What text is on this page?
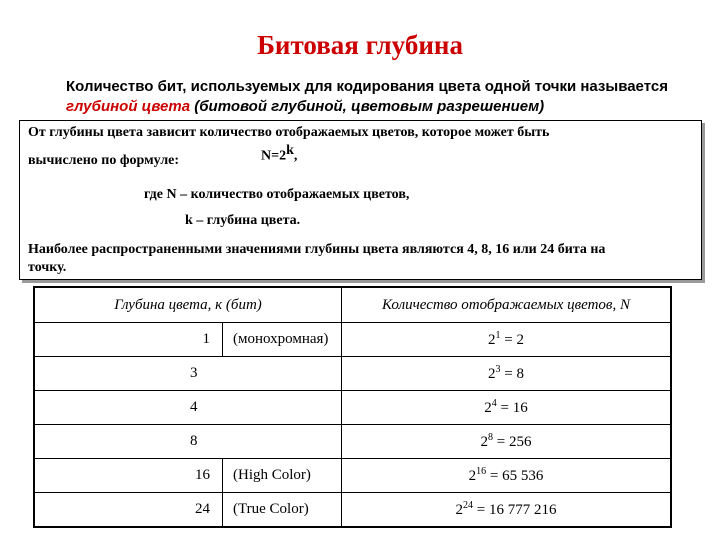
Битовая глубина
Количество бит, используемых для кодирования цвета одной точки называется глубиной цвета (битовой глубиной, цветовым разрешением)
От глубины цвета зависит количество отображаемых цветов, которое может быть
вычислено по формуле:	$N=2^k$,
где N – количество отображаемых цветов,
k – глубина цвета.
Наиболее распространенными значениями глубины цвета являются 4, 8, 16 или 24 бита на
точку.
Глубина цвета, к (бит)		Количество отображаемых цветов, N
1	(монохромная)	$2^1 = 2$
3		$2^3 = 8$
4		$2^4 = 16$
8		$2^8 = 256$
16	(High Color)	$2^{16} = 65$ 536
24	(True Color)	$2^{24} = 16$ 777 216
